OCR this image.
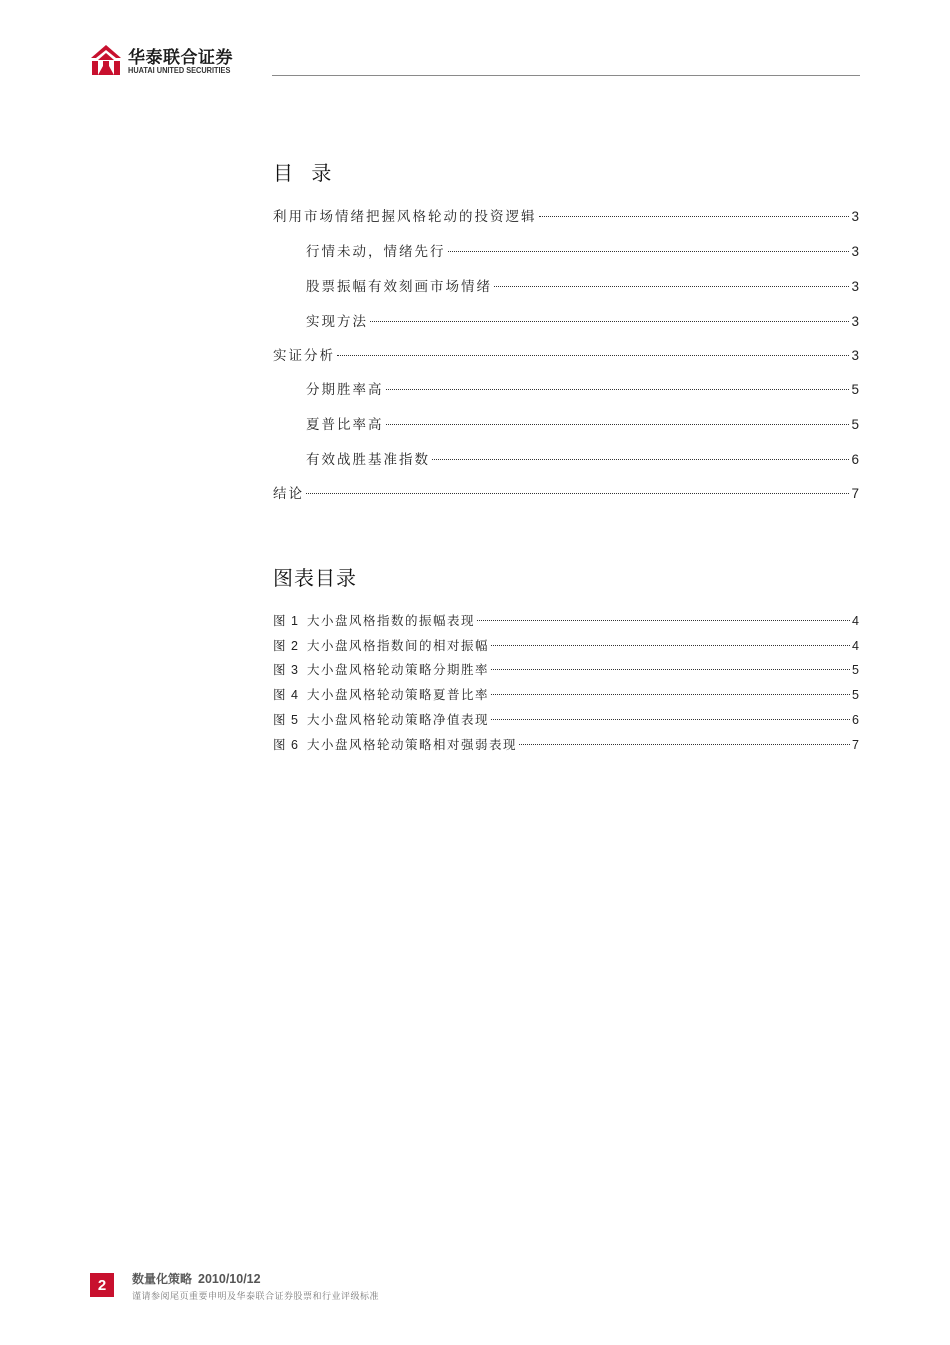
华泰联合证券
HUATAI UNITED SECURITIES
目 录
利用市场情绪把握风格轮动的投资逻辑	3
行情未动，情绪先行	3
股票振幅有效刻画市场情绪	3
实现方法	3
实证分析	3
分期胜率高	5
夏普比率高	5
有效战胜基准指数	6
结论	7
图表目录
图 1 大小盘风格指数的振幅表现	4
图 2 大小盘风格指数间的相对振幅	4
图 3 大小盘风格轮动策略分期胜率	5
图 4 大小盘风格轮动策略夏普比率	5
图 5 大小盘风格轮动策略净值表现	6
图 6 大小盘风格轮动策略相对强弱表现	7
2	数量化策略 2010/10/12
谨请参阅尾页重要申明及华泰联合证券股票和行业评级标准
